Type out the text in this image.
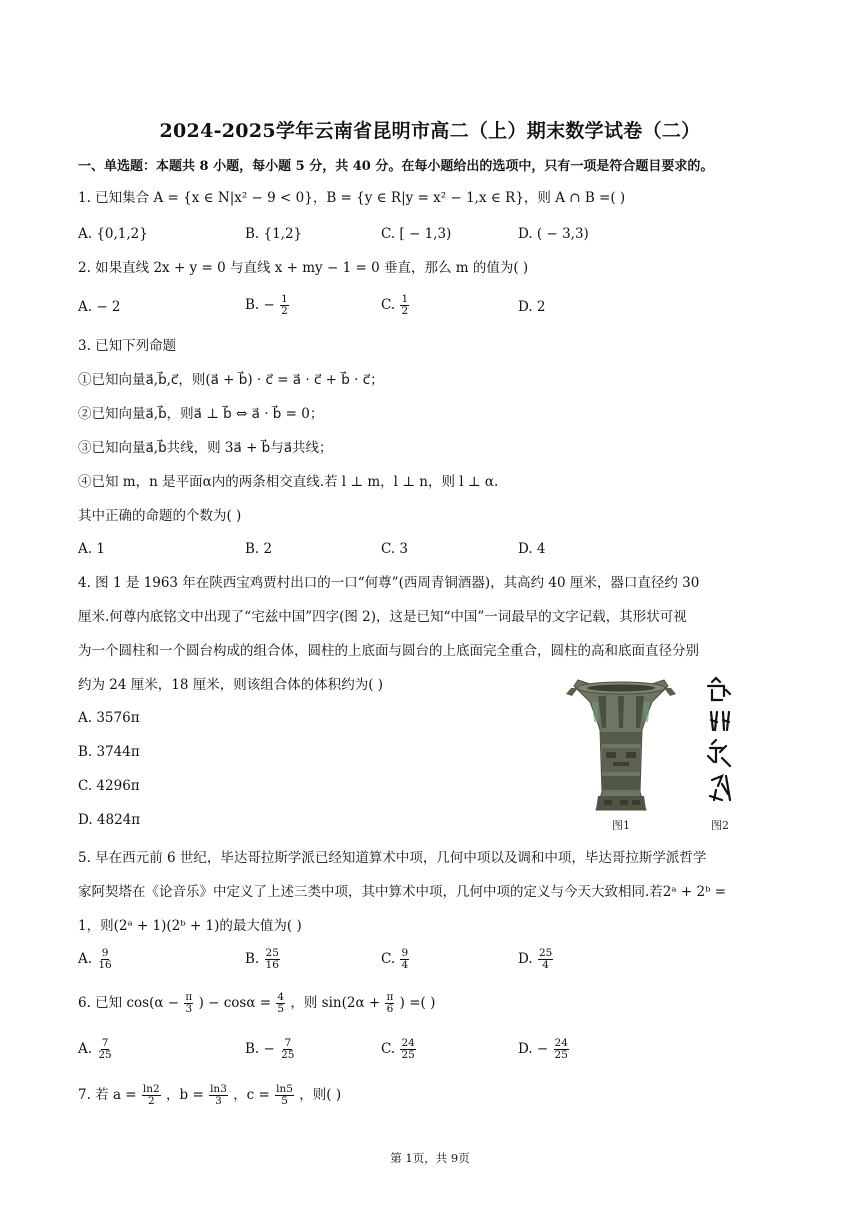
2024-2025学年云南省昆明市高二（上）期末数学试卷（二）
一、单选题：本题共 8 小题，每小题 5 分，共 40 分。在每小题给出的选项中，只有一项是符合题目要求的。
1. 已知集合 A = {x ∈ N|x² − 9 < 0}，B = {y ∈ R|y = x² − 1,x ∈ R}，则 A ∩ B =( )
A. {0,1,2}	B. {1,2}	C. [ − 1,3)	D. ( − 3,3)
2. 如果直线 2x + y = 0 与直线 x + my − 1 = 0 垂直，那么 m 的值为( )
A. − 2	B. − $\frac{1}{2}$	C. $\frac{1}{2}$	D. 2
3. 已知下列命题
①已知向量a⃗,b⃗,c⃗，则(a⃗ + b⃗) · c⃗ = a⃗ · c⃗ + b⃗ · c⃗；
②已知向量a⃗,b⃗，则a⃗ ⊥ b⃗ ⇔ a⃗ · b⃗ = 0；
③已知向量a⃗,b⃗共线，则 3a⃗ + b⃗与a⃗共线；
④已知 m，n 是平面α内的两条相交直线.若 l ⊥ m，l ⊥ n，则 l ⊥ α.
其中正确的命题的个数为( )
A. 1	B. 2	C. 3	D. 4
4. 图 1 是 1963 年在陕西宝鸡贾村出口的一口“何尊”(西周青铜酒器)，其高约 40 厘米，器口直径约 30
厘米.何尊内底铭文中出现了“宅兹中国”四字(图 2)，这是已知“中国”一词最早的文字记载，其形状可视
为一个圆柱和一个圆台构成的组合体，圆柱的上底面与圆台的上底面完全重合，圆柱的高和底面直径分别
约为 24 厘米，18 厘米，则该组合体的体积约为( )
A. 3576π
B. 3744π
C. 4296π
D. 4824π	图1	图2
5. 早在西元前 6 世纪，毕达哥拉斯学派已经知道算术中项，几何中项以及调和中项，毕达哥拉斯学派哲学
家阿契塔在《论音乐》中定义了上述三类中项，其中算术中项，几何中项的定义与今天大致相同.若2ᵃ + 2ᵇ =
1，则(2ᵃ + 1)(2ᵇ + 1)的最大值为( )
A. $\frac{9}{16}$	B. $\frac{25}{16}$	C. $\frac{9}{4}$	D. $\frac{25}{4}$
6. 已知 $\cos(\alpha - \frac{\pi}{3}$ ) − $\cos\alpha = \frac{4}{5}$ ，则 $\sin(2\alpha + \frac{\pi}{6}$ ) =( )
A. $\frac{7}{25}$	B. − $\frac{7}{25}$	C. $\frac{24}{25}$	D. − $\frac{24}{25}$
7. 若 $a = \frac{\ln 2}{2}$ ，$b = \frac{\ln 3}{3}$ ，$c = \frac{\ln 5}{5}$ ，则( )
第 1页，共 9页
